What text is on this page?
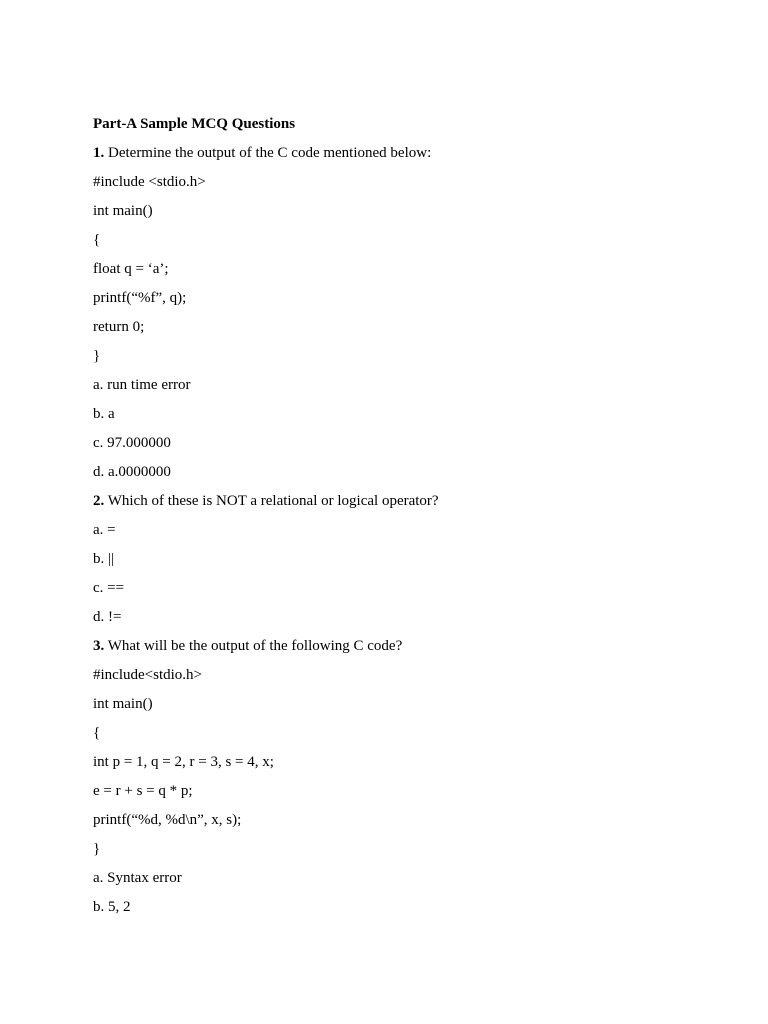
Part-A Sample MCQ Questions
1. Determine the output of the C code mentioned below:
#include <stdio.h>
int main()
{
float q = ‘a’;
printf(“%f”, q);
return 0;
}
a. run time error
b. a
c. 97.000000
d. a.0000000
2. Which of these is NOT a relational or logical operator?
a. =
b. ||
c. ==
d. !=
3. What will be the output of the following C code?
#include<stdio.h>
int main()
{
int p = 1, q = 2, r = 3, s = 4, x;
e = r + s = q * p;
printf(“%d, %d\n”, x, s);
}
a. Syntax error
b. 5, 2
